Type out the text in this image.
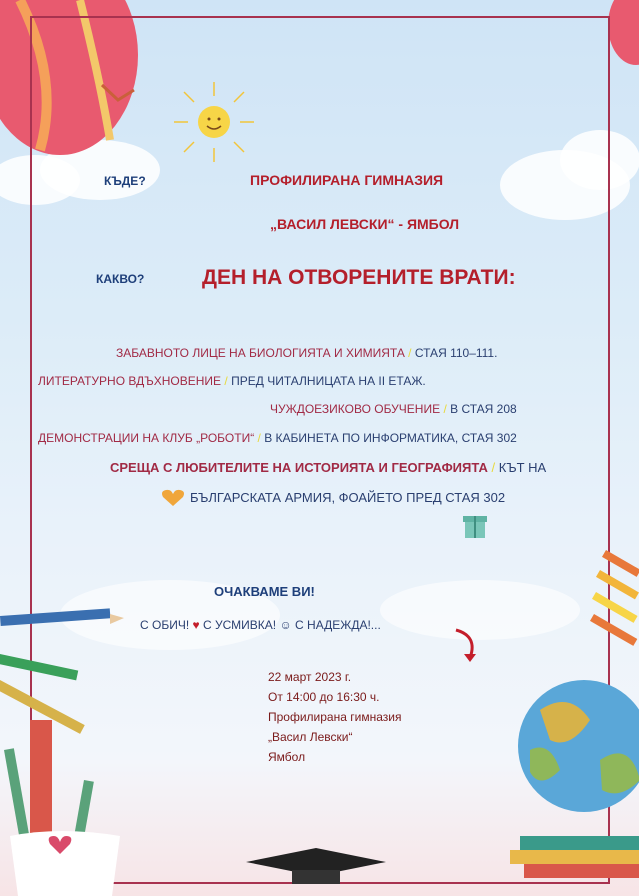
КЪДЕ?	ПРОФИЛИРАНА ГИМНАЗИЯ
„ВАСИЛ ЛЕВСКИ“ - ЯМБОЛ
КАКВО?	ДЕН НА ОТВОРЕНИТЕ ВРАТИ:
ЗАБАВНОТО ЛИЦЕ НА БИОЛОГИЯТА И ХИМИЯТА / СТАЯ 110–111.
ЛИТЕРАТУРНО ВДЪХНОВЕНИЕ / ПРЕД ЧИТАЛНИЦАТА НА II ЕТАЖ.
ЧУЖДОЕЗИКОВО ОБУЧЕНИЕ / В СТАЯ 208
ДЕМОНСТРАЦИИ НА КЛУБ „РОБОТИ“ / В КАБИНЕТА ПО ИНФОРМАТИКА, СТАЯ 302
СРЕЩА С ЛЮБИТЕЛИТЕ НА ИСТОРИЯТА И ГЕОГРАФИЯТА / КЪТ НА
БЪЛГАРСКАТА АРМИЯ, ФОАЙЕТО ПРЕД СТАЯ 302
ОЧАКВАМЕ ВИ!
С ОБИЧ! ♥ С УСМИВКА! ☺ С НАДЕЖДА!...
22 март 2023 г.
От 14:00 до 16:30 ч.
Профилирана гимназия
„Васил Левски“
Ямбол
